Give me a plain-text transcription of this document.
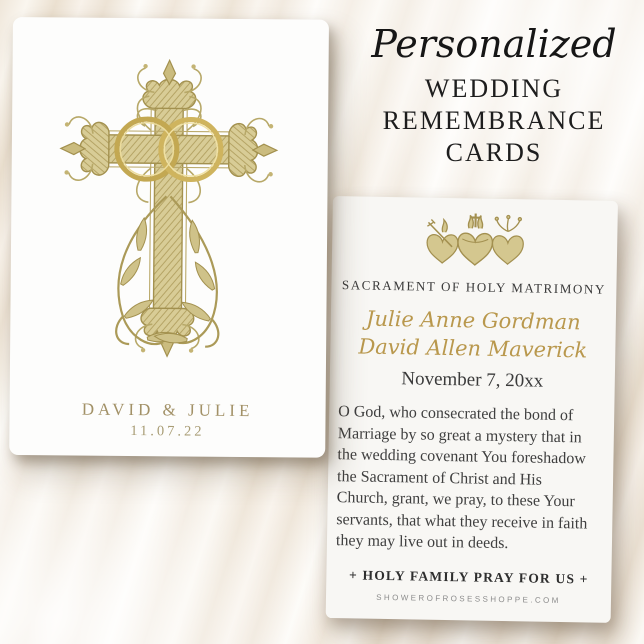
Personalized
WEDDING
REMEMBRANCE
CARDS
SACRAMENT OF HOLY MATRIMONY
Julie Anne Gordman
David Allen Maverick
November 7, 20xx
O God, who consecrated the bond of
Marriage by so great a mystery that in
the wedding covenant You foreshadow
the Sacrament of Christ and His
Church, grant, we pray, to these Your
servants, that what they receive in faith
they may live out in deeds.
+ HOLY FAMILY PRAY FOR US +
SHOWEROFROSESSHOPPE.COM
DAVID & JULIE
11.07.22
